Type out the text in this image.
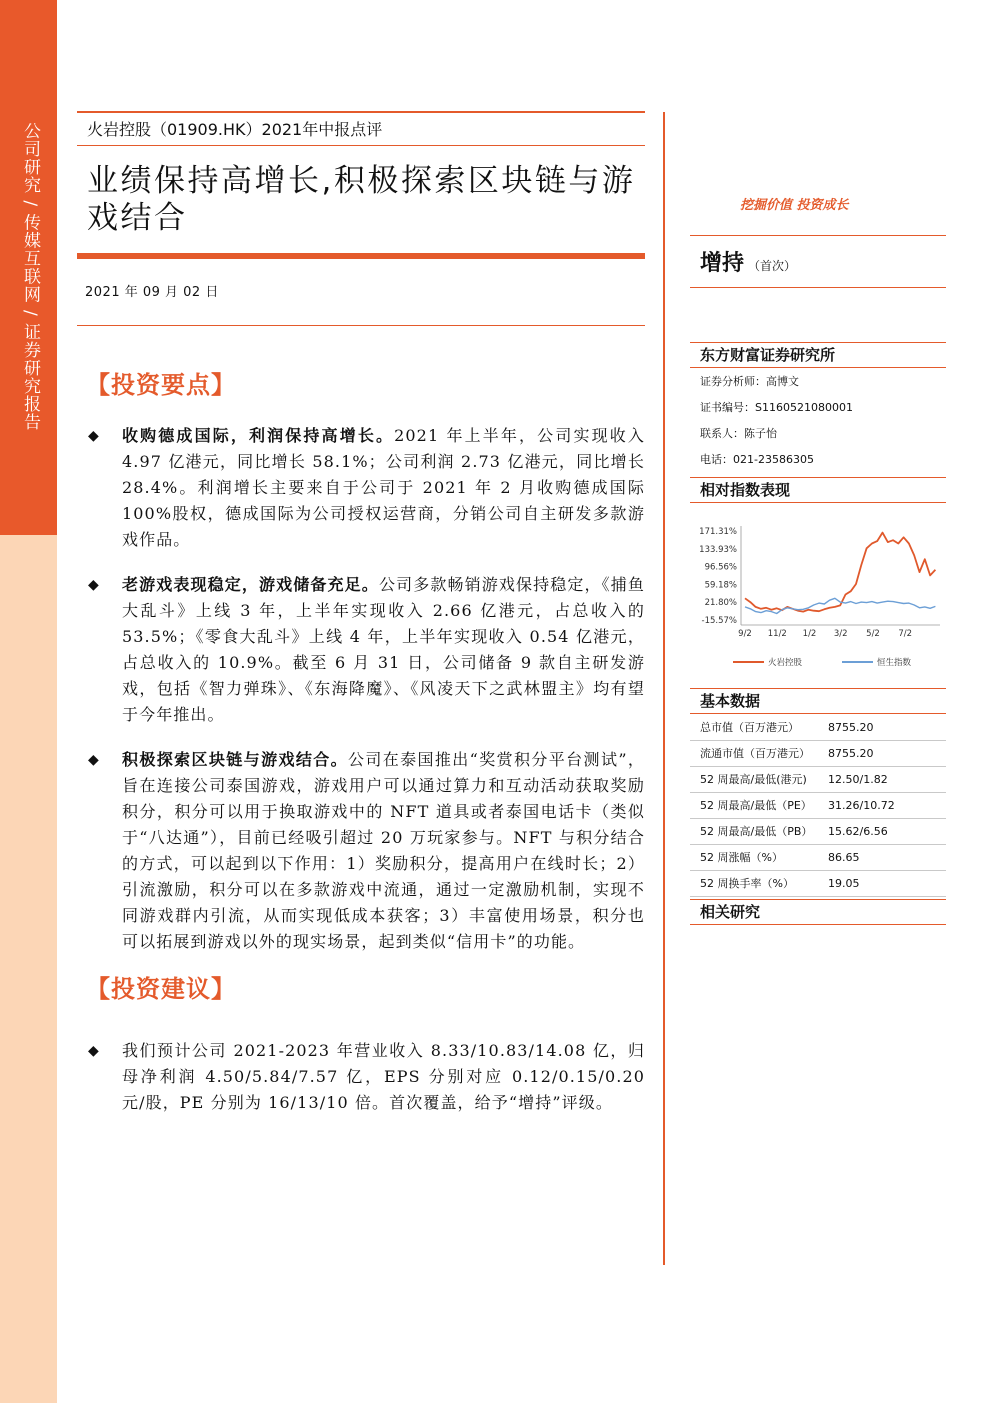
公司研究 / 传媒互联网 / 证券研究报告	火岩控股（01909.HK）2021年中报点评
业绩保持高增长,积极探索区块链与游戏结合
2021 年 09 月 02 日
【投资要点】
◆ 收购德成国际，利润保持高增长。2021 年上半年，公司实现收入 4.97 亿港元，同比增长 58.1%；公司利润 2.73 亿港元，同比增长 28.4%。利润增长主要来自于公司于 2021 年 2 月收购德成国际 100%股权，德成国际为公司授权运营商，分销公司自主研发多款游戏作品。

◆ 老游戏表现稳定，游戏储备充足。公司多款畅销游戏保持稳定，《捕鱼大乱斗》上线 3 年，上半年实现收入 2.66 亿港元，占总收入的 53.5%；《零食大乱斗》上线 4 年，上半年实现收入 0.54 亿港元，占总收入的 10.9%。截至 6 月 31 日，公司储备 9 款自主研发游戏，包括《智力弹珠》、《东海降魔》、《风凌天下之武林盟主》均有望于今年推出。

◆ 积极探索区块链与游戏结合。公司在泰国推出“奖赏积分平台测试”，旨在连接公司泰国游戏，游戏用户可以通过算力和互动活动获取奖励积分，积分可以用于换取游戏中的 NFT 道具或者泰国电话卡（类似于“八达通”），目前已经吸引超过 20 万玩家参与。NFT 与积分结合的方式，可以起到以下作用：1）奖励积分，提高用户在线时长；2）引流激励，积分可以在多款游戏中流通，通过一定激励机制，实现不同游戏群内引流，从而实现低成本获客；3）丰富使用场景，积分也可以拓展到游戏以外的现实场景，起到类似“信用卡”的功能。

【投资建议】
◆ 我们预计公司 2021-2023 年营业收入 8.33/10.83/14.08 亿，归母净利润 4.50/5.84/7.57 亿，EPS 分别对应 0.12/0.15/0.20 元/股，PE 分别为 16/13/10 倍。首次覆盖，给予“增持”评级。

挖掘价值 投资成长
增持 （首次）
东方财富证券研究所
证券分析师：高博文
证书编号：S1160521080001
联系人：陈子怡
电话：021-23586305
相对指数表现
171.31%
133.93%
96.56%
59.18%
21.80%
-15.57%
9/2 11/2 1/2 3/2 5/2 7/2
火岩控股	恒生指数
基本数据
总市值（百万港元）	8755.20
流通市值（百万港元） 8755.20
52 周最高/最低(港元) 12.50/1.82
52 周最高/最低（PE） 31.26/10.72
52 周最高/最低（PB） 15.62/6.56
52 周涨幅（%）	86.65
52 周换手率（%）	19.05
相关研究
